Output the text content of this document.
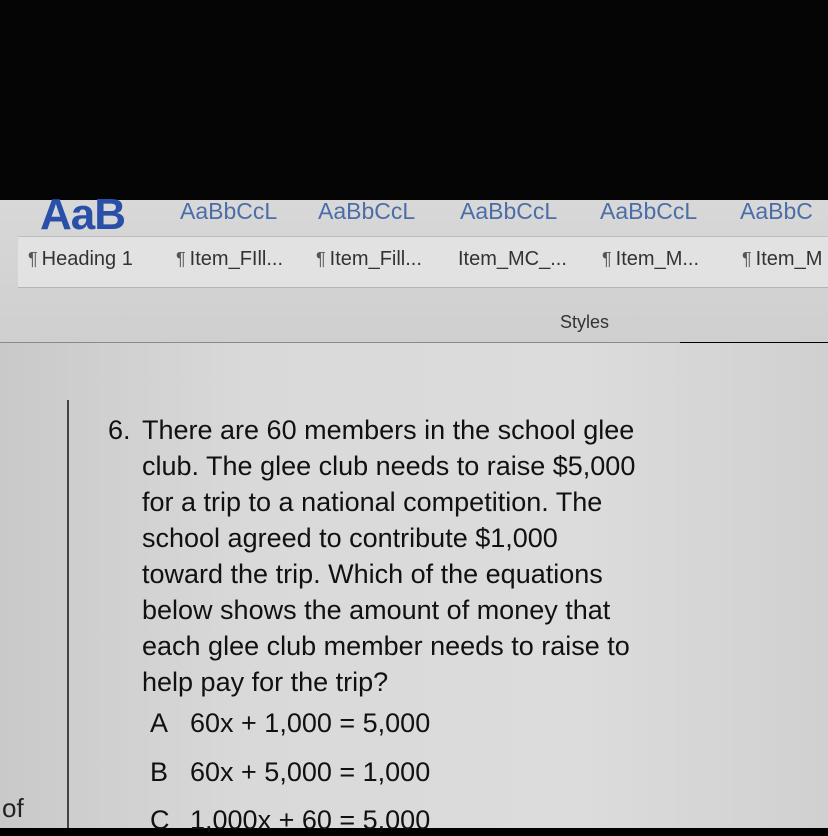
AaB AaBbCcL AaBbCcL AaBbCcL AaBbCcL AaBbC
¶ Heading 1 ¶ Item_FIll... ¶ Item_Fill... Item_MC_... ¶ Item_M... ¶ Item_M
Styles
of
6. There are 60 members in the school glee
club. The glee club needs to raise $5,000
for a trip to a national competition. The
school agreed to contribute $1,000
toward the trip. Which of the equations
below shows the amount of money that
each glee club member needs to raise to
help pay for the trip?
A 60x + 1,000 = 5,000
B 60x + 5,000 = 1,000
C 1,000x + 60 = 5,000
